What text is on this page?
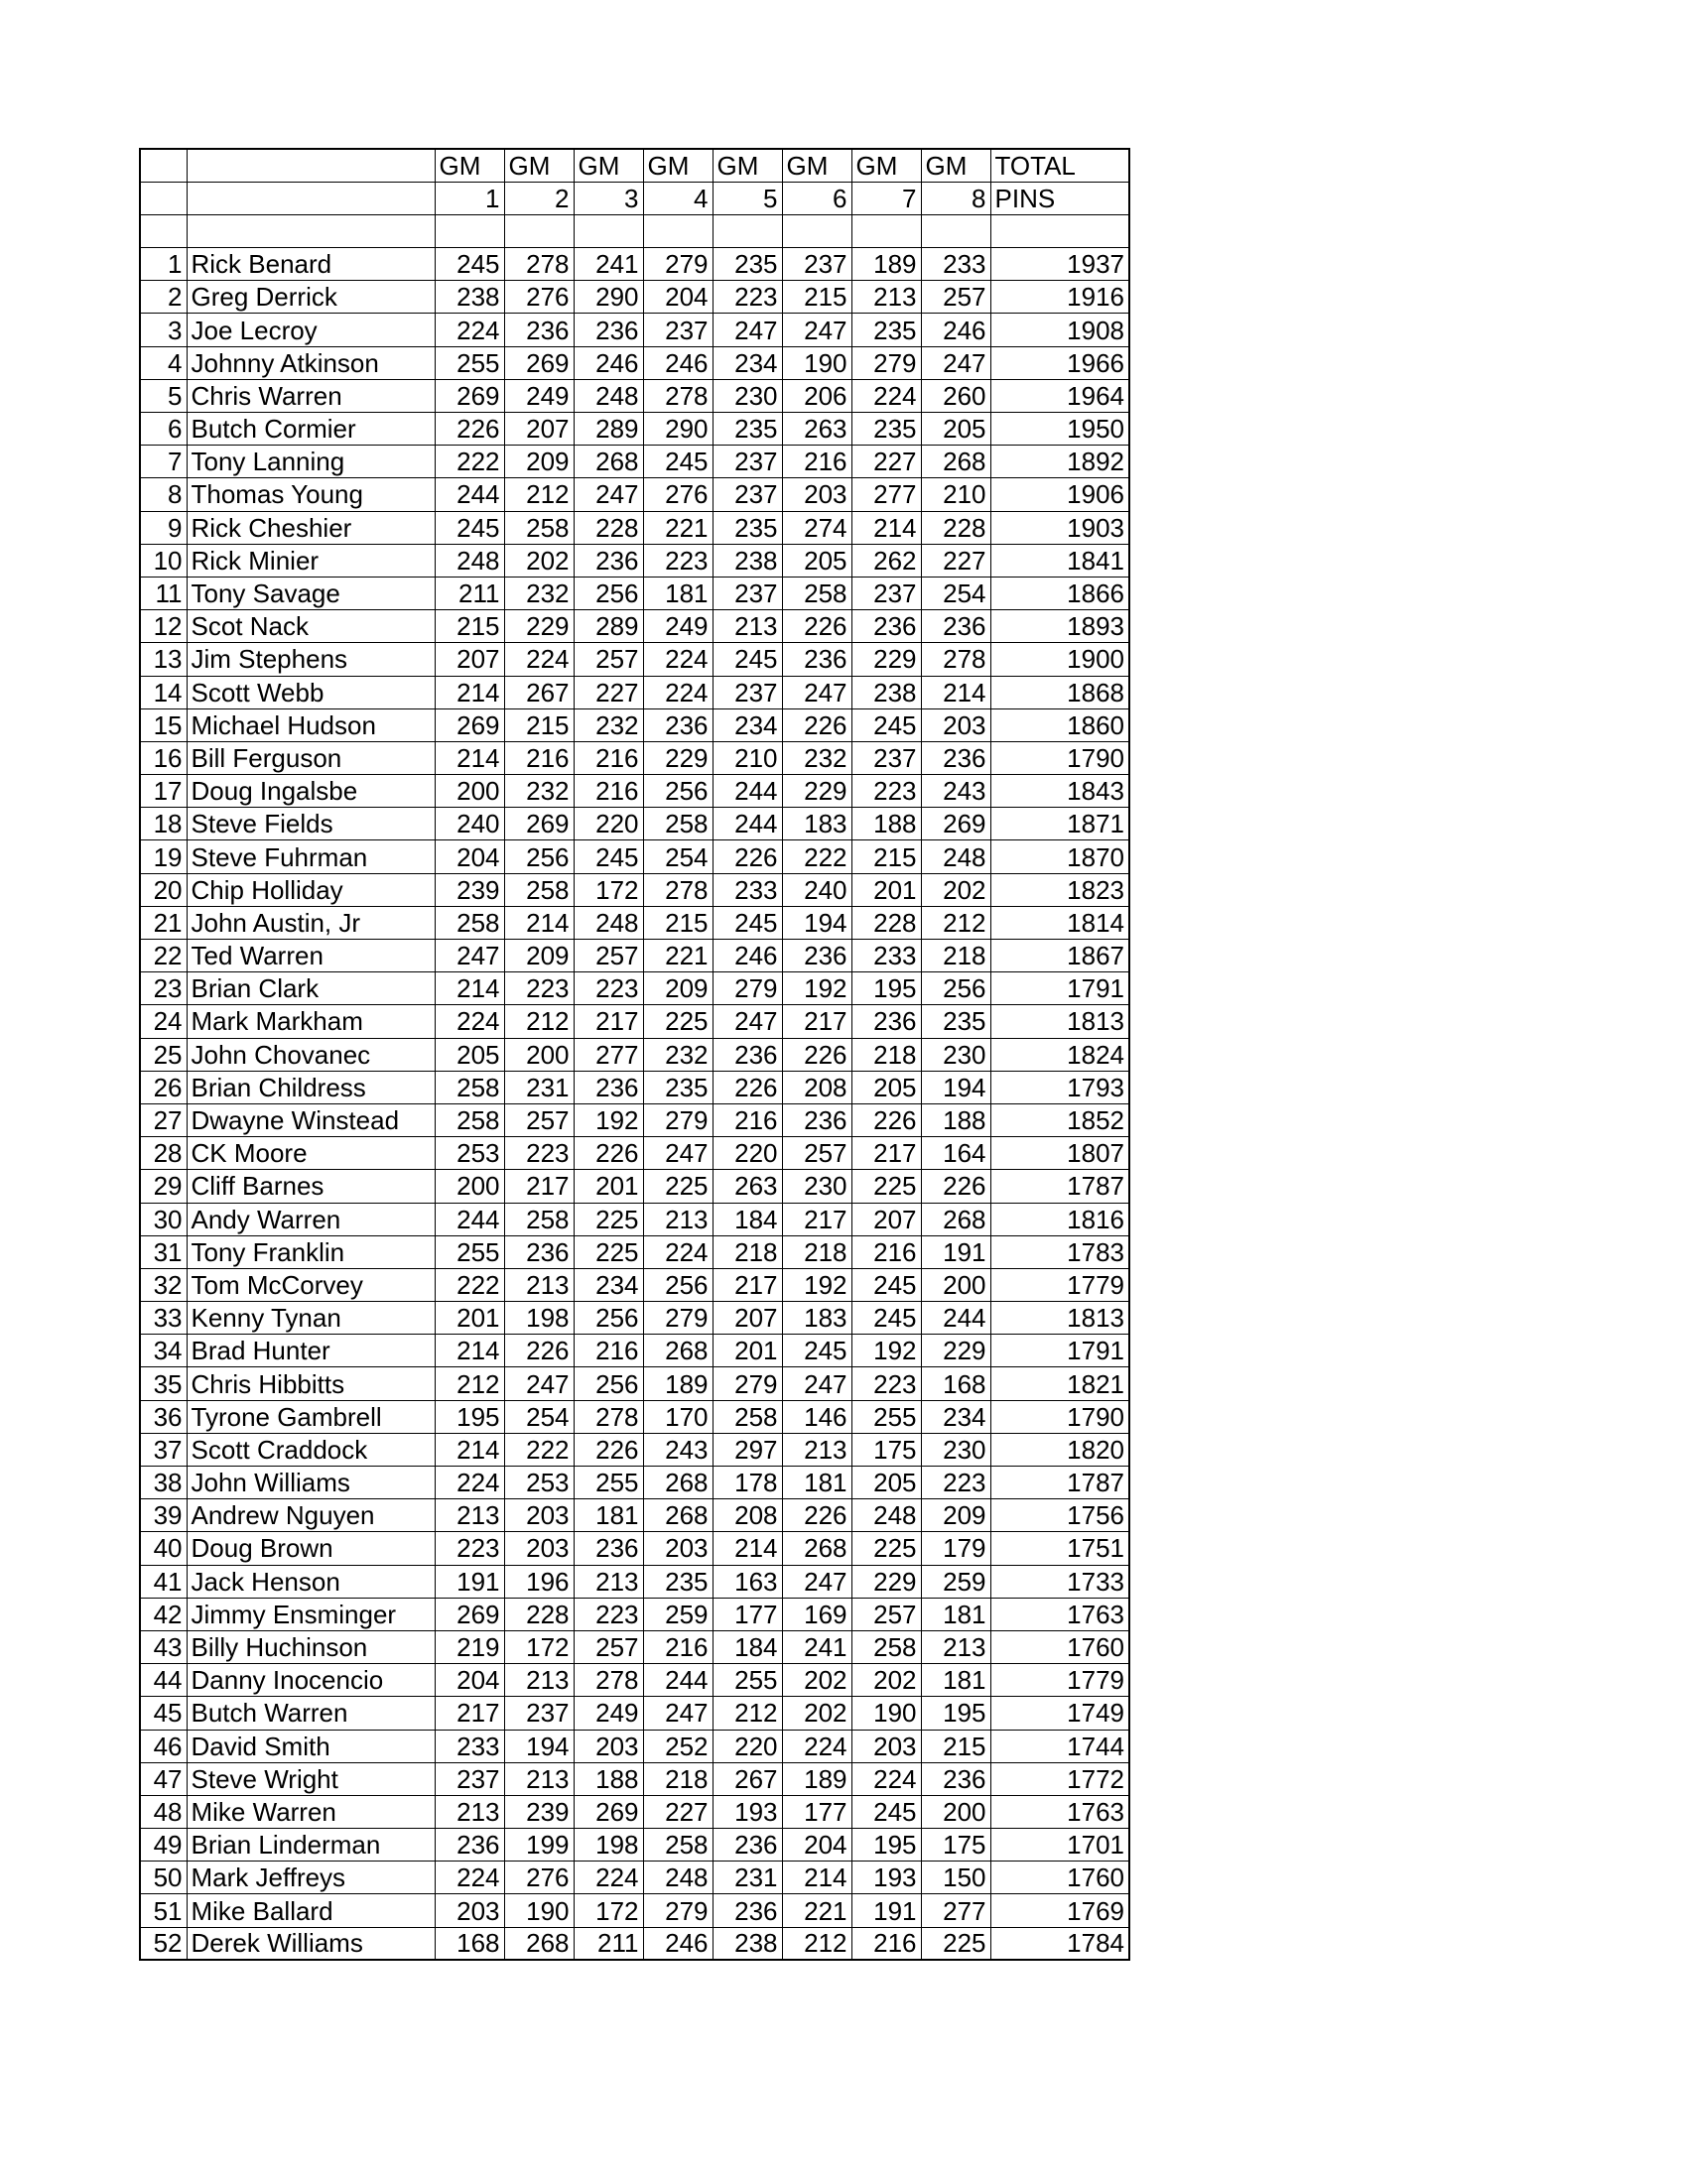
		GM	GM	GM	GM	GM	GM	GM	GM	TOTAL
		1	2	3	4	5	6	7	8	PINS

1	Rick Benard	245	278	241	279	235	237	189	233	1937
2	Greg Derrick	238	276	290	204	223	215	213	257	1916
3	Joe Lecroy	224	236	236	237	247	247	235	246	1908
4	Johnny Atkinson	255	269	246	246	234	190	279	247	1966
5	Chris Warren	269	249	248	278	230	206	224	260	1964
6	Butch Cormier	226	207	289	290	235	263	235	205	1950
7	Tony Lanning	222	209	268	245	237	216	227	268	1892
8	Thomas Young	244	212	247	276	237	203	277	210	1906
9	Rick Cheshier	245	258	228	221	235	274	214	228	1903
10	Rick Minier	248	202	236	223	238	205	262	227	1841
11	Tony Savage	211	232	256	181	237	258	237	254	1866
12	Scot Nack	215	229	289	249	213	226	236	236	1893
13	Jim Stephens	207	224	257	224	245	236	229	278	1900
14	Scott Webb	214	267	227	224	237	247	238	214	1868
15	Michael Hudson	269	215	232	236	234	226	245	203	1860
16	Bill Ferguson	214	216	216	229	210	232	237	236	1790
17	Doug Ingalsbe	200	232	216	256	244	229	223	243	1843
18	Steve Fields	240	269	220	258	244	183	188	269	1871
19	Steve Fuhrman	204	256	245	254	226	222	215	248	1870
20	Chip Holliday	239	258	172	278	233	240	201	202	1823
21	John Austin, Jr	258	214	248	215	245	194	228	212	1814
22	Ted Warren	247	209	257	221	246	236	233	218	1867
23	Brian Clark	214	223	223	209	279	192	195	256	1791
24	Mark Markham	224	212	217	225	247	217	236	235	1813
25	John Chovanec	205	200	277	232	236	226	218	230	1824
26	Brian Childress	258	231	236	235	226	208	205	194	1793
27	Dwayne Winstead	258	257	192	279	216	236	226	188	1852
28	CK Moore	253	223	226	247	220	257	217	164	1807
29	Cliff Barnes	200	217	201	225	263	230	225	226	1787
30	Andy Warren	244	258	225	213	184	217	207	268	1816
31	Tony Franklin	255	236	225	224	218	218	216	191	1783
32	Tom McCorvey	222	213	234	256	217	192	245	200	1779
33	Kenny Tynan	201	198	256	279	207	183	245	244	1813
34	Brad Hunter	214	226	216	268	201	245	192	229	1791
35	Chris Hibbitts	212	247	256	189	279	247	223	168	1821
36	Tyrone Gambrell	195	254	278	170	258	146	255	234	1790
37	Scott Craddock	214	222	226	243	297	213	175	230	1820
38	John Williams	224	253	255	268	178	181	205	223	1787
39	Andrew Nguyen	213	203	181	268	208	226	248	209	1756
40	Doug Brown	223	203	236	203	214	268	225	179	1751
41	Jack Henson	191	196	213	235	163	247	229	259	1733
42	Jimmy Ensminger	269	228	223	259	177	169	257	181	1763
43	Billy Huchinson	219	172	257	216	184	241	258	213	1760
44	Danny Inocencio	204	213	278	244	255	202	202	181	1779
45	Butch Warren	217	237	249	247	212	202	190	195	1749
46	David Smith	233	194	203	252	220	224	203	215	1744
47	Steve Wright	237	213	188	218	267	189	224	236	1772
48	Mike Warren	213	239	269	227	193	177	245	200	1763
49	Brian Linderman	236	199	198	258	236	204	195	175	1701
50	Mark Jeffreys	224	276	224	248	231	214	193	150	1760
51	Mike Ballard	203	190	172	279	236	221	191	277	1769
52	Derek Williams	168	268	211	246	238	212	216	225	1784
